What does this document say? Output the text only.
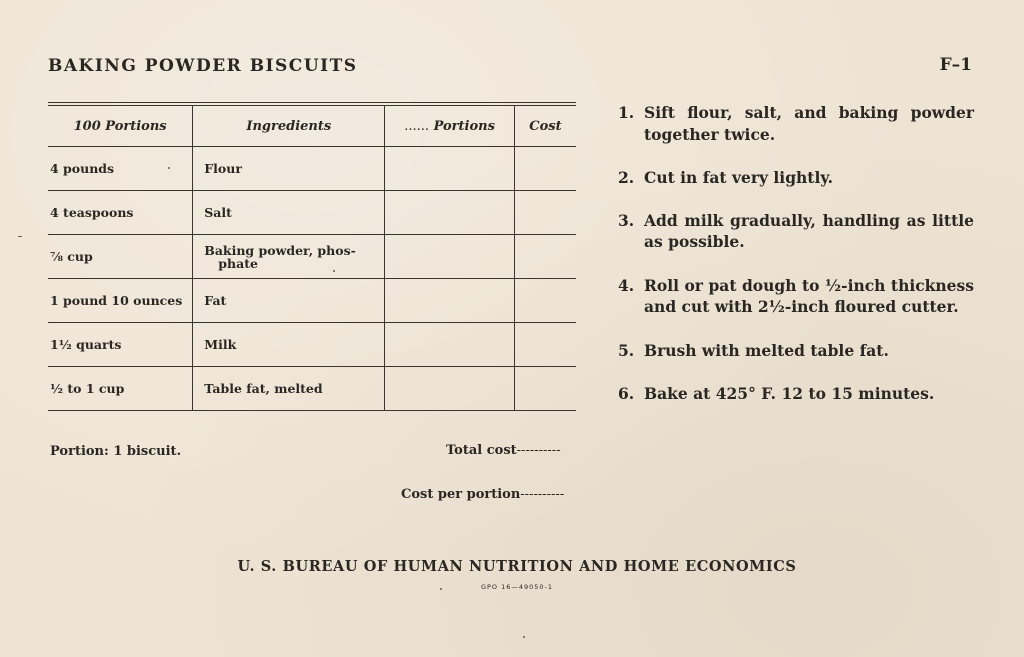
BAKING POWDER BISCUITS	F–1
100 Portions	Ingredients	...... Portions	Cost
4 pounds	Flour		
4 teaspoons	Salt		
⅞ cup	Baking powder, phos-
phate		

1 pound 10 ounces	Fat		
1½ quarts	Milk		
½ to 1 cup	Table fat, melted		
Portion: 1 biscuit.	Total cost----------
Cost per portion----------
1. Sift flour, salt, and baking powder together twice.
2. Cut in fat very lightly.
3. Add milk gradually, handling as little as possible.
4. Roll or pat dough to ½-inch thickness and cut with 2½-inch floured cutter.
5. Brush with melted table fat.
6. Bake at 425° F. 12 to 15 minutes.
U. S. BUREAU OF HUMAN NUTRITION AND HOME ECONOMICS
GPO 16—49050-1
